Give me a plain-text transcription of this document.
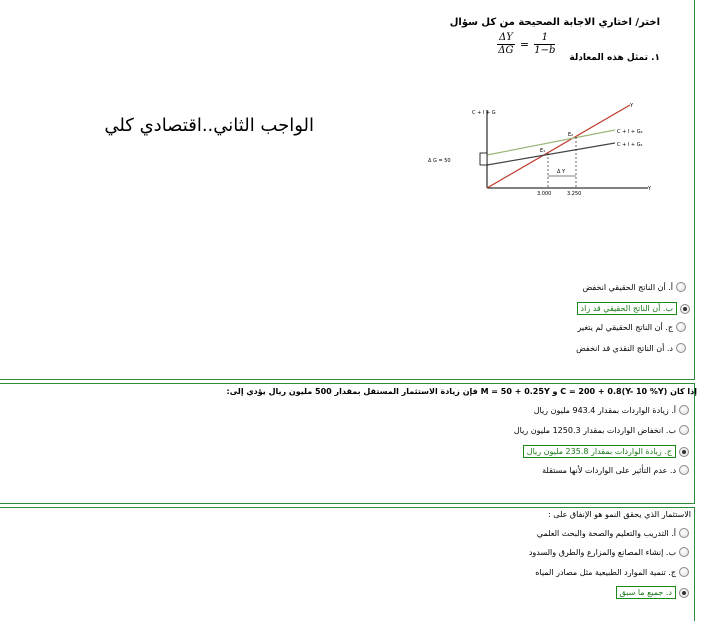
اختر/ اختاري الاجابة الصحيحة من كل سؤال
١. تمثل هذه المعادلة
$\frac{\Delta Y}{\Delta G} = \frac{1}{1-b}$
الواجب الثاني..اقتصادي كلي
C + I + G
Y
Y
C + I + G₂
C + I + G₁
E₁
E₂
Δ Y
Δ G = 50
3.000	3.250
أ. أن الناتج الحقيقي انخفض
ب. أن الناتج الحقيقي قد زاد
ج. أن الناتج الحقيقي لم يتغير
د. أن الناتج النقدي قد انخفض
إذا كان C = 200 + 0.8(Y- 10 %Y) و M = 50 + 0.25Y فإن زيادة الاستثمار المستقل بمقدار 500 مليون ريال يؤدي إلى:
أ. زيادة الواردات بمقدار 943.4 مليون ريال
ب. انخفاض الواردات بمقدار 1250.3 مليون ريال
ج. زيادة الواردات بمقدار 235.8 مليون ريال
د. عدم التأثير على الواردات لأنها مستقلة
الاستثمار الذي يحقق النمو هو الإنفاق على :
أ. التدريب والتعليم والصحة والبحث العلمي
ب. إنشاء المصانع والمزارع والطرق والسدود
ج. تنمية الموارد الطبيعية مثل مصادر المياه
د. جميع ما سبق
